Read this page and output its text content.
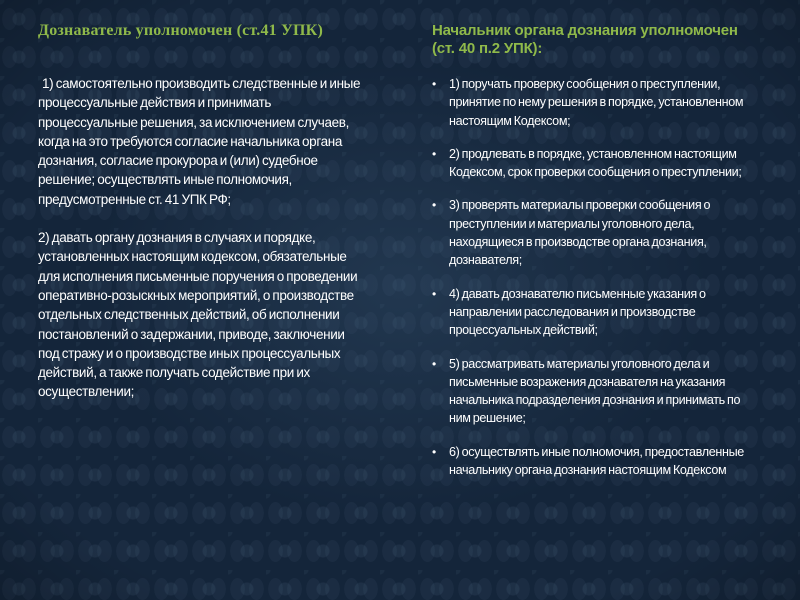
Дознаватель уполномочен (ст.41 УПК)

1) самостоятельно производить следственные и иные процессуальные действия и принимать процессуальные решения, за исключением случаев, когда на это требуются согласие начальника органа дознания, согласие прокурора и (или) судебное решение; осуществлять иные полномочия, предусмотренные ст. 41 УПК РФ;

2) давать органу дознания в случаях и порядке, установленных настоящим кодексом, обязательные для исполнения письменные поручения о проведении оперативно-розыскных мероприятий, о производстве отдельных следственных действий, об исполнении постановлений о задержании, приводе, заключении под стражу и о производстве иных процессуальных действий, а также получать содействие при их осуществлении;

Начальник органа дознания уполномочен (ст. 40 п.2 УПК):
• 1) поручать проверку сообщения о преступлении, принятие по нему решения в порядке, установленном настоящим Кодексом;
• 2) продлевать в порядке, установленном настоящим Кодексом, срок проверки сообщения о преступлении;
• 3) проверять материалы проверки сообщения о преступлении и материалы уголовного дела, находящиеся в производстве органа дознания, дознавателя;
• 4) давать дознавателю письменные указания о направлении расследования и производстве процессуальных действий;
• 5) рассматривать материалы уголовного дела и письменные возражения дознавателя на указания начальника подразделения дознания и принимать по ним решение;
• 6) осуществлять иные полномочия, предоставленные начальнику органа дознания настоящим Кодексом
